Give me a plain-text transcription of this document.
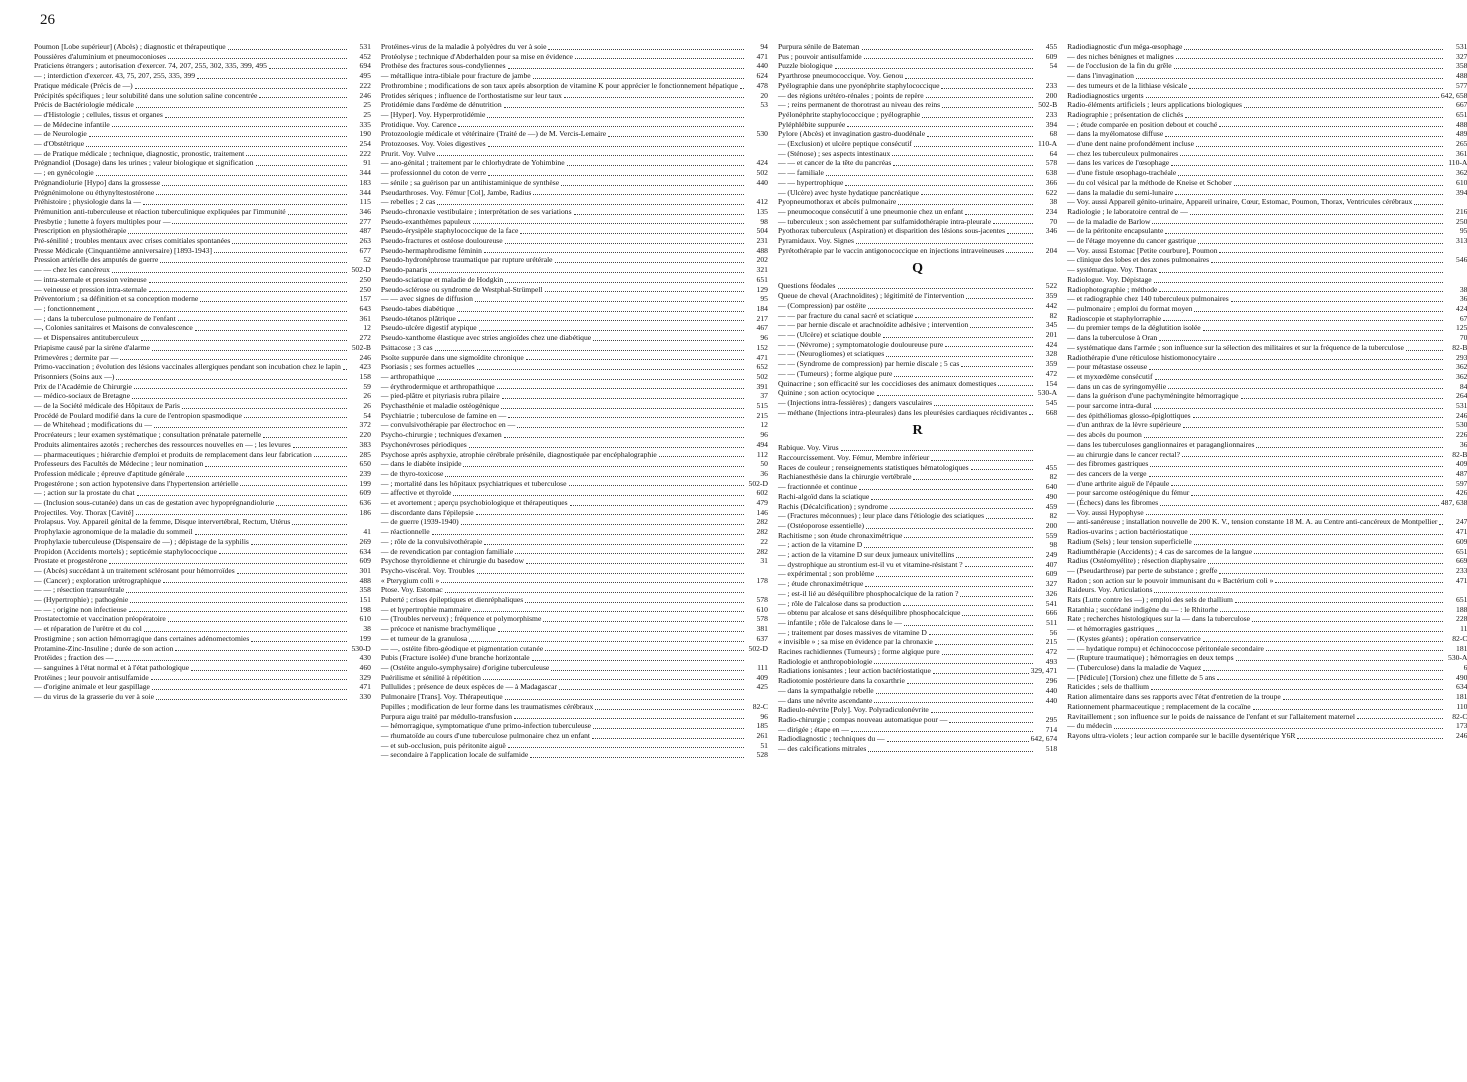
26
Poumon [Lobe supérieur] (Abcès) ; diagnostic et thérapeutique	531
Poussières d'aluminium et pneumoconioses	452
Praticiens étrangers ; autorisation d'exercer. 74, 207, 255, 302, 335, 399, 495	694
— ; interdiction d'exercer. 43, 75, 207, 255, 335, 399	495
Pratique médicale (Précis de —)	222
Précipités spécifiques ; leur solubilité dans une solution saline concentrée	246
Précis de Bactériologie médicale	25
— d'Histologie ; cellules, tissus et organes	25
— de Médecine infantile	335
— de Neurologie	190
— d'Obstétrique	254
— de Pratique médicale ; technique, diagnostic, pronostic, traitement	222
Prégnandiol (Dosage) dans les urines ; valeur biologique et signification	91
— ; en gynécologie	344
Prégnandiolurie [Hypo] dans la grossesse	183
Prégnénimolone ou éthynyltestostérone	344
Préhistoire ; physiologie dans la —	115
Prémunition anti-tuberculeuse et réaction tuberculinique expliquées par l'immunité	346
Presbytie ; lunette à foyers multiples pour —	277
Prescription en physiothérapie	487
Pré-sénilité ; troubles mentaux avec crises comitiales spontanées	263
Presse Médicale (Cinquantième anniversaire) [1893-1943]	677
Pression artérielle des amputés de guerre	52
— — chez les cancéreux	502-D
— intra-sternale et pression veineuse	250
— veineuse et pression intra-sternale	250
Préventorium ; sa définition et sa conception moderne	157
— ; fonctionnement	643
— ; dans la tuberculose pulmonaire de l'enfant	361
—, Colonies sanitaires et Maisons de convalescence	12
— et Dispensaires antituberculeux	272
Priapisme causé par la sirène d'alarme	502-B
Primevères ; dermite par —	246
Primo-vaccination ; évolution des lésions vaccinales allergiques pendant son incubation chez le lapin	423
Prisonniers (Soins aux —)	158
Prix de l'Académie de Chirurgie	59
— médico-sociaux de Bretagne	26
— de la Société médicale des Hôpitaux de Paris	26
Procédé de Poulard modifié dans la cure de l'entropion spasmodique	54
— de Whitehead ; modifications du —	372
Procréateurs ; leur examen systématique ; consultation prénatale paternelle	220
Produits alimentaires azotés ; recherches des ressources nouvelles en — ; les levures	383
— pharmaceutiques ; hiérarchie d'emploi et produits de remplacement dans leur fabrication	285
Professeurs des Facultés de Médecine ; leur nomination	650
Profession médicale ; épreuve d'aptitude générale	239
Progestérone ; son action hypotensive dans l'hypertension artérielle	199
— ; action sur la prostate du chat	609
— (Inclusion sous-cutanée) dans un cas de gestation avec hypoprégnandiolurie	636
Projectiles. Voy. Thorax [Cavité]	186
Prolapsus. Voy. Appareil génital de la femme, Disque intervertébral, Rectum, Utérus
Prophylaxie agronomique de la maladie du sommeil	41
Prophylaxie tuberculeuse (Dispensaire de —) ; dépistage de la syphilis	269
Propidon (Accidents mortels) ; septicémie staphylococcique	634
Prostate et progestérone	609
— (Abcès) succédant à un traitement sclérosant pour hémorroïdes	301
— (Cancer) ; exploration urétrographique	488
— — ; résection transurétrale	358
— (Hypertrophie) ; pathogénie	151
— — ; origine non infectieuse	198
Prostatectomie et vaccination préopératoire	610
— et réparation de l'urètre et du col	38
Prostigmine ; son action hémorragique dans certaines adénomectomies	199
Protamine-Zinc-Insuline ; durée de son action	530-D
Protéides ; fraction des —	430
— sanguines à l'état normal et à l'état pathologique	460
Protéines ; leur pouvoir antisulfamide	329
— d'origine animale et leur gaspillage	471
— du virus de la grasserie du ver à soie	330
Protéines-virus de la maladie à polyèdres du ver à soie	94
Protéolyse ; technique d'Abderhalden pour sa mise en évidence	471
Prothèse des fractures sous-condyliennes	440
— métallique intra-tibiale pour fracture de jambe	624
Prothrombine ; modifications de son taux après absorption de vitamine K pour apprécier le fonctionnement hépatique	478
Protides sériques ; influence de l'orthostatisme sur leur taux	20
Protidémie dans l'œdème de dénutrition	53
— [Hyper]. Voy. Hyperprotidémie
Protidique. Voy. Carence
Protozoologie médicale et vétérinaire (Traité de —) de M. Vercis-Lemaire	530
Protozooses. Voy. Voies digestives
Prurit. Voy. Vulve
— ano-génital ; traitement par le chlorhydrate de Yohimbine	424
— professionnel du coton de verre	502
— sénile ; sa guérison par un antihistaminique de synthèse	440
Pseudarthroses. Voy. Fémur [Col], Jambe, Radius
— rebelles ; 2 cas	412
Pseudo-chronaxie vestibulaire ; interprétation de ses variations	135
Pseudo-exanthèmes papuleux	98
Pseudo-érysipèle staphylococcique de la face	504
Pseudo-fractures et ostéose douloureuse	231
Pseudo-hermaphrodisme féminin	488
Pseudo-hydronéphrose traumatique par rupture urétérale	202
Pseudo-panaris	321
Pseudo-sciatique et maladie de Hodgkin	651
Pseudo-sclérose ou syndrome de Westphal-Strümpell	129
— — avec signes de diffusion	95
Pseudo-tabes diabétique	184
Pseudo-tétanos plâtrique	217
Pseudo-ulcère digestif atypique	467
Pseudo-xanthome élastique avec stries angioïdes chez une diabétique	96
Psittacose ; 3 cas	152
Psoïte suppurée dans une sigmoïdite chronique	471
Psoriasis ; ses formes actuelles	652
— arthropathique	502
— érythrodermique et arthropathique	391
— pied-plâtre et pityriasis rubra pilaire	37
Psychasthénie et maladie ostéogénique	515
Psychiatrie ; tuberculose de famine en —	215
— convulsivothérapie par électrochoc en —	12
Psycho-chirurgie ; techniques d'examen	96
Psychonévroses périodiques	494
Psychose après asphyxie, atrophie cérébrale présénile, diagnostiquée par encéphalographie	112
— dans le diabète insipide	50
— de thyro-toxicose	36
— ; mortalité dans les hôpitaux psychiatriques et tuberculose	502-D
— affective et thyroïde	602
— et avortement ; aperçu psychobiologique et thérapeutiques	479
— discordante dans l'épilepsie	146
— de guerre (1939-1940)	282
— réactionnelle	282
— ; rôle de la convulsivothérapie	22
— de revendication par contagion familiale	282
Psychose thyroïdienne et chirurgie du basedow	31
Psycho-viscéral. Voy. Troubles
« Pterygium colli »	178
Ptose. Voy. Estomac
Puberté ; crises épileptiques et dienréphaliques	578
— et hypertrophie mammaire	610
— (Troubles nerveux) ; fréquence et polymorphisme	578
— précoce et nanisme brachymélique	381
— et tumeur de la granulosa	637
— —, ostéite fibro-géodique et pigmentation cutanée	502-D
Pubis (Fracture isolée) d'une branche horizontale
— (Ostéite angulo-symphysaire) d'origine tuberculeuse	111
Puérilisme et sénilité à répétition	409
Pullulides ; présence de deux espèces de — à Madagascar	425
Pulmonaire [Trans]. Voy. Thérapeutique
Pupilles ; modification de leur forme dans les traumatismes cérébraux	82-C
Purpura aigu traité par médullo-transfusion	96
— hémorragique, symptomatique d'une primo-infection tuberculeuse	185
— rhumatoïde au cours d'une tuberculose pulmonaire chez un enfant	261
— et sub-occlusion, puis péritonite aiguë	51
— secondaire à l'application locale de sulfamide	528
Purpura sénile de Bateman	455
Pus ; pouvoir antisulfamide	609
Puzzle biologique	54
Pyarthrose pneumococcique. Voy. Genou
Pyélographie dans une pyonéphrite staphylococcique	233
— des régions urétéro-rénales ; points de repère	200
— ; reins permanent de thorotrast au niveau des reins	502-B
Pyélonéphrite staphylococcique ; pyélographie	233
Pyléphlébite suppurée	394
Pylore (Abcès) et invagination gastro-duodénale	68
— (Exclusion) et ulcère peptique consécutif	110-A
— (Sténose) ; ses aspects intestinaux	64
— — et cancer de la tête du pancréas	578
— — familiale	638
— — hypertrophique	366
— (Ulcère) avec hyste hydatique pancréatique	622
Pyopneumothorax et abcès pulmonaire	38
— pneumocoque consécutif à une pneumonie chez un enfant	234
— tuberculeux ; son assèchement par sulfamidothérapie intra-pleurale	70
Pyothorax tuberculeux (Aspiration) et disparition des lésions sous-jacentes	346
Pyramidaux. Voy. Signes
Pyrétothérapie par le vaccin antigonococcique en injections intraveineuses	204
Q
Questions féodales	522
Queue de cheval (Arachnoïdites) ; légitimité de l'intervention	359
— (Compression) par ostéite	442
— — par fracture du canal sacré et sciatique	82
— — par hernie discale et arachnoïdite adhésive ; intervention	345
— — (Ulcère) et sciatique double	201
— — (Névrome) ; symptomatologie douloureuse pure	424
— — (Neurogliomes) et sciatiques	328
— — (Syndrome de compression) par hernie discale ; 5 cas	359
— — (Tumeurs) ; forme algique pure	472
Quinacrine ; son efficacité sur les coccidioses des animaux domestiques	154
Quinine ; son action ocytocique	530-A
— (Injections intra-fessières) ; dangers vasculaires	545
— méthane (Injections intra-pleurales) dans les pleurésies cardiaques récidivantes	668
R
Rabique. Voy. Virus
Raccourcissement. Voy. Fémur, Membre inférieur
Races de couleur ; renseignements statistiques hématologiques	455
Rachianesthésie dans la chirurgie vertébrale	82
— fractionnée et continue	640
Rachi-algoïd dans la sciatique	490
Rachis (Décalcification) ; syndrome	459
— (Fractures méconnues) ; leur place dans l'étiologie des sciatiques	82
— (Ostéoporose essentielle)	200
Rachitisme ; son étude chronaximétrique	559
— ; action de la vitamine D	98
— ; action de la vitamine D sur deux jumeaux univitellins	249
— dystrophique au strontium est-il vu et vitamine-résistant ?	407
— expérimental ; son problème	609
— ; étude chronaximétrique	327
— ; est-il lié au déséquilibre phosphocalcique de la ration ?	326
— ; rôle de l'alcalose dans sa production	541
— obtenu par alcalose et sans déséquilibre phosphocalcique	666
— infantile ; rôle de l'alcalose dans le —	511
— ; traitement par doses massives de vitamine D	56
« invisible » ; sa mise en évidence par la chronaxie	215
Racines rachidiennes (Tumeurs) ; forme algique pure	472
Radiologie et anthropobiologie	493
Radiations ionisantes ; leur action bactériostatique	329, 471
Radiotomie postérieure dans la coxarthrie	296
— dans la sympathalgie rebelle	440
— dans une névrite ascendante	440
Radieulo-névrite [Poly]. Voy. Polyradiculonévrite
Radio-chirurgie ; compas nouveau automatique pour —	295
— dirigée ; étape en —	714
Radiodiagnostic ; techniques du —	642, 674
— des calcifications mitrales	518
Radiodiagnostic d'un méga-œsophage	531
— des niches bénignes et malignes	327
— de l'occlusion de la fin du grêle	358
— dans l'invagination	488
— des tumeurs et de la lithiase vésicale	577
Radiodiagnostics urgents	642, 658
Radio-éléments artificiels ; leurs applications biologiques	667
Radiographie ; présentation de clichés	651
— ; étude comparée en position debout et couché	488
— dans la myélomatose diffuse	489
— d'une dent naine profondément incluse	265
— chez les tuberculeux pulmonaires	361
— dans les varices de l'œsophage	110-A
— d'une fistule œsophago-trachéale	362
— du col vésical par la méthode de Kneise et Schober	610
— dans la maladie du semi-lunaire	394
— Voy. aussi Appareil génito-urinaire, Appareil urinaire, Cœur, Estomac, Poumon, Thorax, Ventricules cérébraux
Radiologie ; le laboratoire central de —	216
— de la maladie de Barlow	250
— de la péritonite encapsulante	95
— de l'étage moyenne du cancer gastrique	313
— Voy. aussi Estomac [Petite courbure], Poumon
— clinique des lobes et des zones pulmonaires	546
— systématique. Voy. Thorax
Radiologue. Voy. Dépistage
Radiophotographie ; méthode	38
— et radiographie chez 140 tuberculeux pulmonaires	36
— pulmonaire ; emploi du format moyen	424
Radioscopie et staphylorraphie	67
— du premier temps de la déglutition isolée	125
— dans la tuberculose à Oran	70
— systématique dans l'armée ; son influence sur la sélection des militaires et sur la fréquence de la tuberculose	82-B
Radiothérapie d'une réticulose histiomonocytaire	293
— pour métastase osseuse	362
— et myxœdème consécutif	362
— dans un cas de syringomyélie	84
— dans la guérison d'une pachyméningite hémorragique	264
— pour sarcome intra-dural	531
— des épithéliomas glosso-épiglottiques	246
— d'un anthrax de la lèvre supérieure	530
— des abcès du poumon	226
— dans les tuberculoses ganglionnaires et paraganglionnaires	36
— au chirurgie dans le cancer rectal?	82-B
— des fibromes gastriques	409
— des cancers de la verge	487
— d'une arthrite aiguë de l'épaule	597
— pour sarcome ostéogénique du fémur	426
— (Échecs) dans les fibromes	487, 638
— Voy. aussi Hypophyse
— anti-sanéreuse ; installation nouvelle de 200 K. V., tension constante 18 M. A. au Centre anti-cancéreux de Montpellier	247
Radios-uvarins ; action bactériostatique	471
Radium (Sels) ; leur tension superficielle	609
Radiumthérapie (Accidents) ; 4 cas de sarcomes de la langue	651
Radius (Ostéomyélite) ; résection diaphysaire	669
— (Pseudarthrose) par perte de substance ; greffe	233
Radon ; son action sur le pouvoir immunisant du « Bactérium coli »	471
Raideurs. Voy. Articulations
Rats (Lutte contre les —) ; emploi des sels de thallium	651
Ratanhia ; succédané indigène du — : le Rhitorhe	188
Rate ; recherches histologiques sur la — dans la tuberculose	228
— et hémorragies gastriques	11
— (Kystes géants) ; opération conservatrice	82-C
— — hydatique rompu) et échinococcose péritonéale secondaire	181
— (Rupture traumatique) ; hémorragies en deux temps	530-A
— (Tuberculose) dans la maladie de Vaquez	6
— [Pédicule] (Torsion) chez une fillette de 5 ans	490
Raticides ; sels de thallium	634
Ration alimentaire dans ses rapports avec l'état d'entretien de la troupe	181
Rationnement pharmaceutique ; remplacement de la cocaïne	110
Ravitaillement ; son influence sur le poids de naissance de l'enfant et sur l'allaitement maternel	82-C
— du médecin	173
Rayons ultra-violets ; leur action comparée sur le bacille dysentérique Y6R	246
